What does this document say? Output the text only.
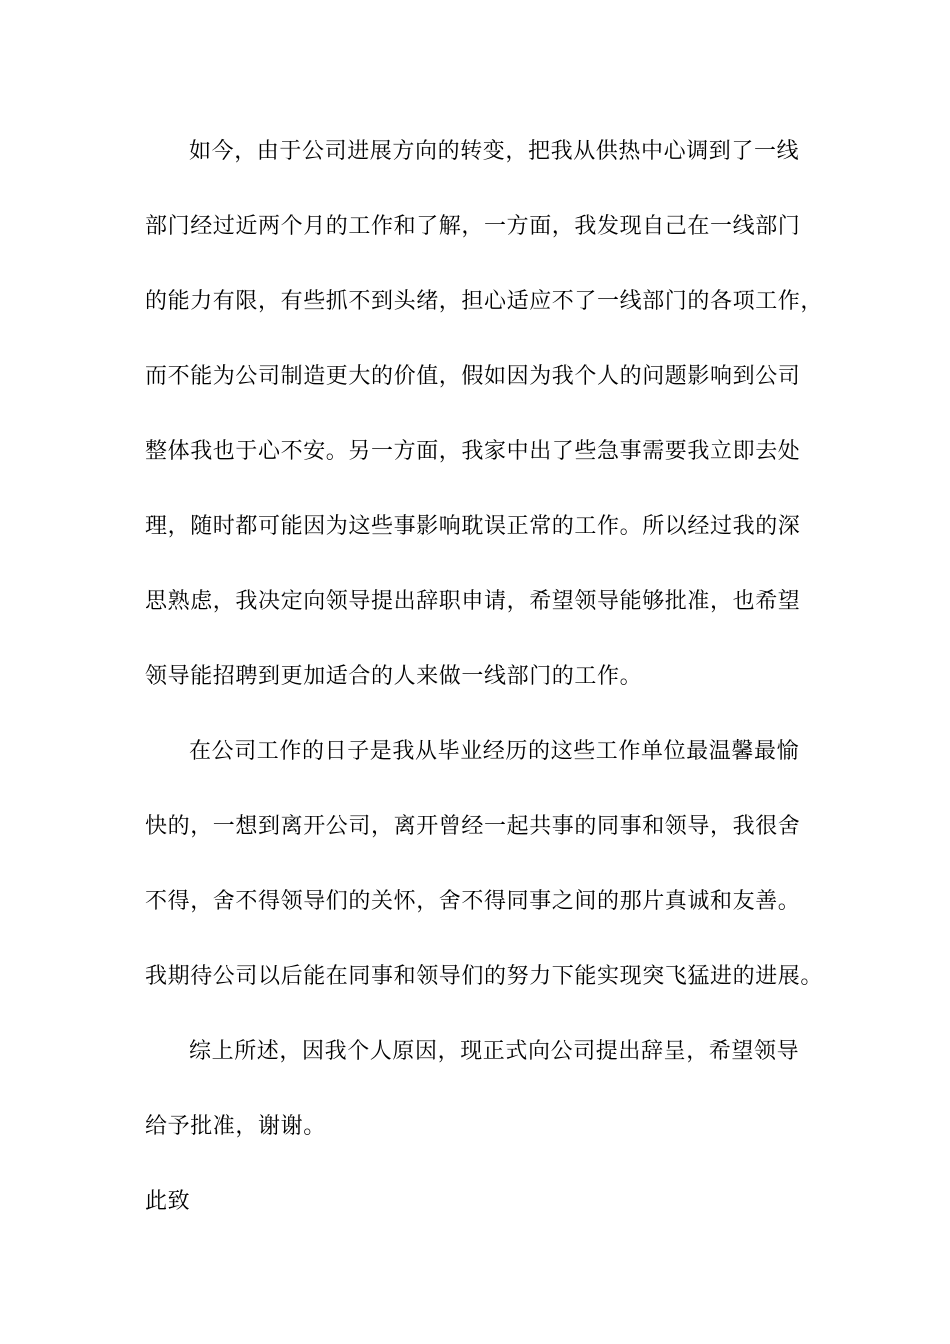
如今，由于公司进展方向的转变，把我从供热中心调到了一线
部门经过近两个月的工作和了解，一方面，我发现自己在一线部门
的能力有限，有些抓不到头绪，担心适应不了一线部门的各项工作，
而不能为公司制造更大的价值，假如因为我个人的问题影响到公司
整体我也于心不安。另一方面，我家中出了些急事需要我立即去处
理，随时都可能因为这些事影响耽误正常的工作。所以经过我的深
思熟虑，我决定向领导提出辞职申请，希望领导能够批准，也希望
领导能招聘到更加适合的人来做一线部门的工作。
在公司工作的日子是我从毕业经历的这些工作单位最温馨最愉
快的，一想到离开公司，离开曾经一起共事的同事和领导，我很舍
不得，舍不得领导们的关怀，舍不得同事之间的那片真诚和友善。
我期待公司以后能在同事和领导们的努力下能实现突飞猛进的进展。
综上所述，因我个人原因，现正式向公司提出辞呈，希望领导
给予批准，谢谢。
此致
